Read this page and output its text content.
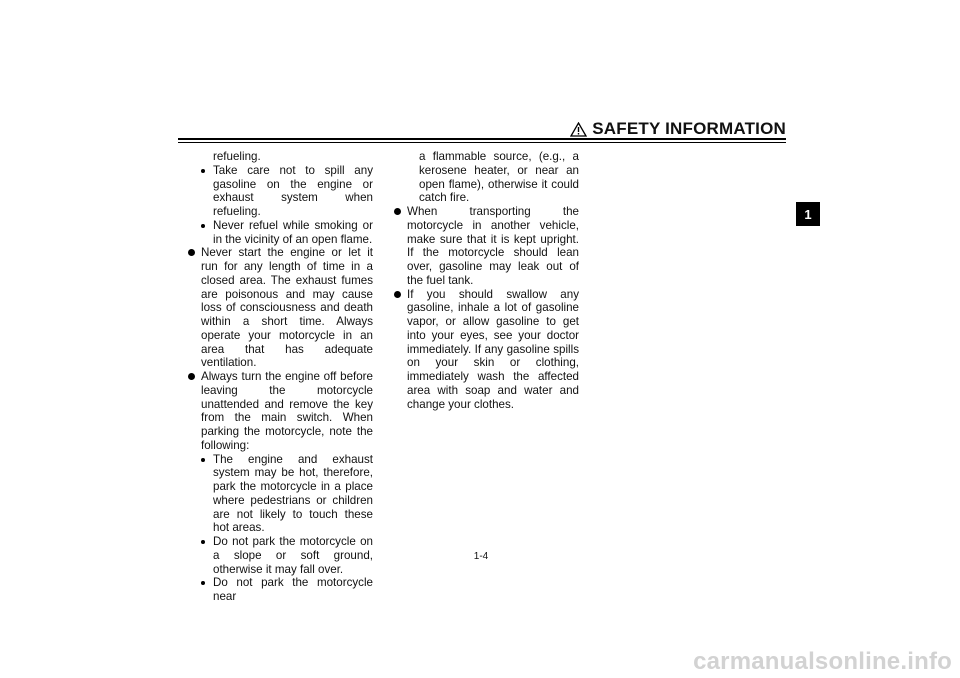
SAFETY INFORMATION
1

refueling.

Take care not to spill any gasoline on the engine or exhaust system when refueling.
Never refuel while smoking or in the vicinity of an open flame.
Never start the engine or let it run for any length of time in a closed area. The exhaust fumes are poisonous and may cause loss of consciousness and death within a short time. Always operate your motorcycle in an area that has adequate ventilation.
Always turn the engine off before leaving the motorcycle unattended and remove the key from the main switch. When parking the motorcycle, note the following:
The engine and exhaust system may be hot, therefore, park the motorcycle in a place where pedestrians or children are not likely to touch these hot areas.
Do not park the motorcycle on a slope or soft ground, otherwise it may fall over.
Do not park the motorcycle near

a flammable source, (e.g., a kerosene heater, or near an open flame), otherwise it could catch fire.

When transporting the motorcycle in another vehicle, make sure that it is kept upright. If the motorcycle should lean over, gasoline may leak out of the fuel tank.
If you should swallow any gasoline, inhale a lot of gasoline vapor, or allow gasoline to get into your eyes, see your doctor immediately. If any gasoline spills on your skin or clothing, immediately wash the affected area with soap and water and change your clothes.
1-4
carmanualsonline.info
